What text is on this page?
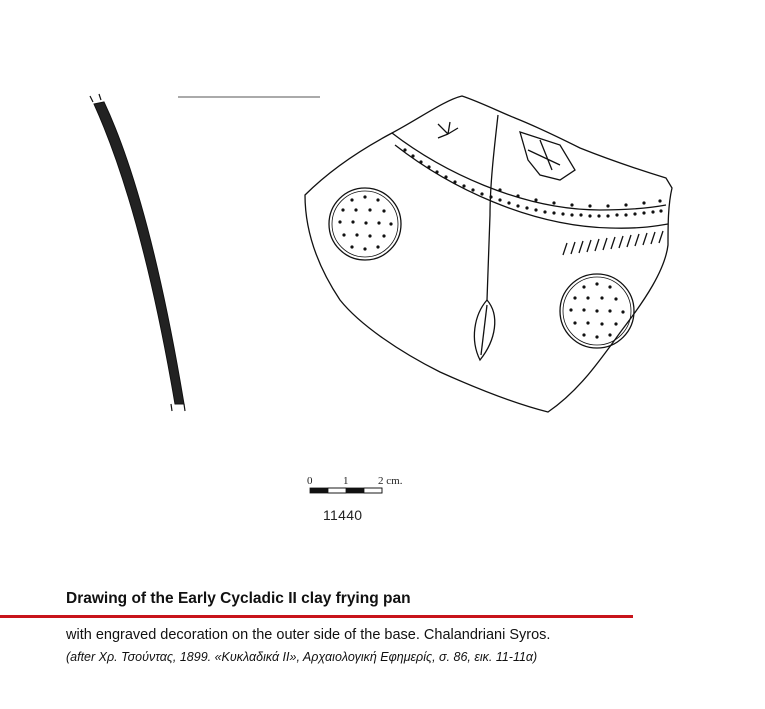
0	1	2 cm.
11440
Drawing of the Early Cycladic II clay frying pan
with engraved decoration on the outer side of the base. Chalandriani Syros.
(after Χρ. Τσούντας, 1899. «Κυκλαδικά ΙΙ», Αρχαιολογική Εφημερίς, σ. 86, εικ. 11-11α)
